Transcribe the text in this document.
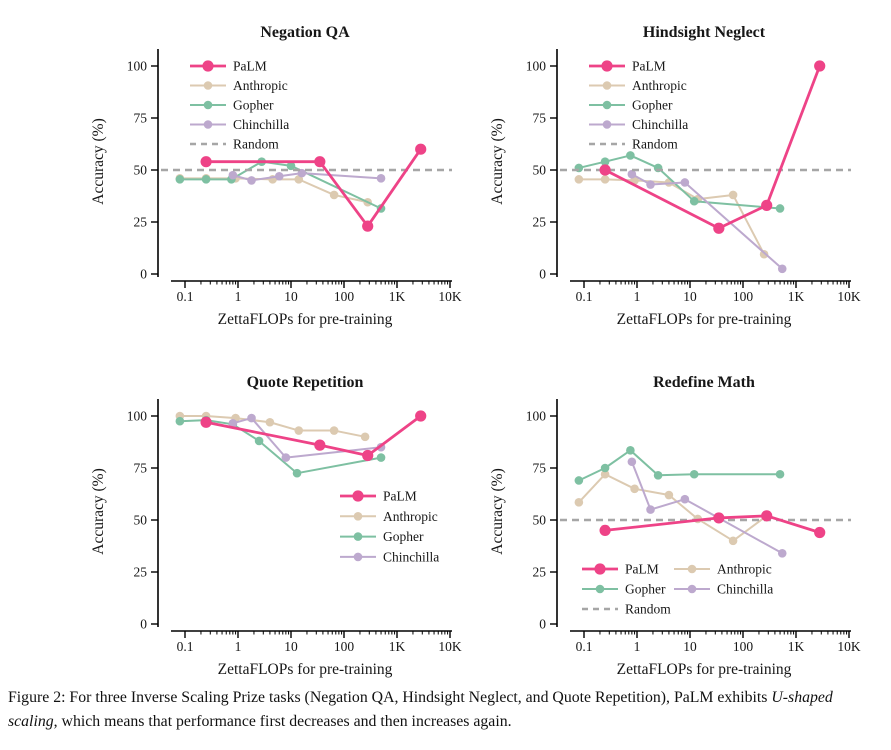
Negation QA
Accuracy (%)
ZettaFLOPs for pre-training
0
25
50
75
100
0.1	1	10	100	1K 10K
PaLM
Anthropic
Gopher
Chinchilla
Random
Hindsight Neglect
Accuracy (%)
ZettaFLOPs for pre-training
0
25
50
75
100
0.1	1	10	100	1K 10K
PaLM
Anthropic
Gopher
Chinchilla
Random
Quote Repetition
Accuracy (%)
ZettaFLOPs for pre-training
0
25
50
75
100
0.1	1	10	100	1K 10K
PaLM
Anthropic
Gopher
Chinchilla
Redefine Math
Accuracy (%)
ZettaFLOPs for pre-training
0
25
50
75
100
0.1	1	10	100	1K 10K
PaLM	Anthropic
Gopher	Chinchilla
Random

Figure 2: For three Inverse Scaling Prize tasks (Negation QA, Hindsight Neglect, and Quote Repetition), PaLM exhibits U-shaped scaling, which means that performance first decreases and then increases again.
